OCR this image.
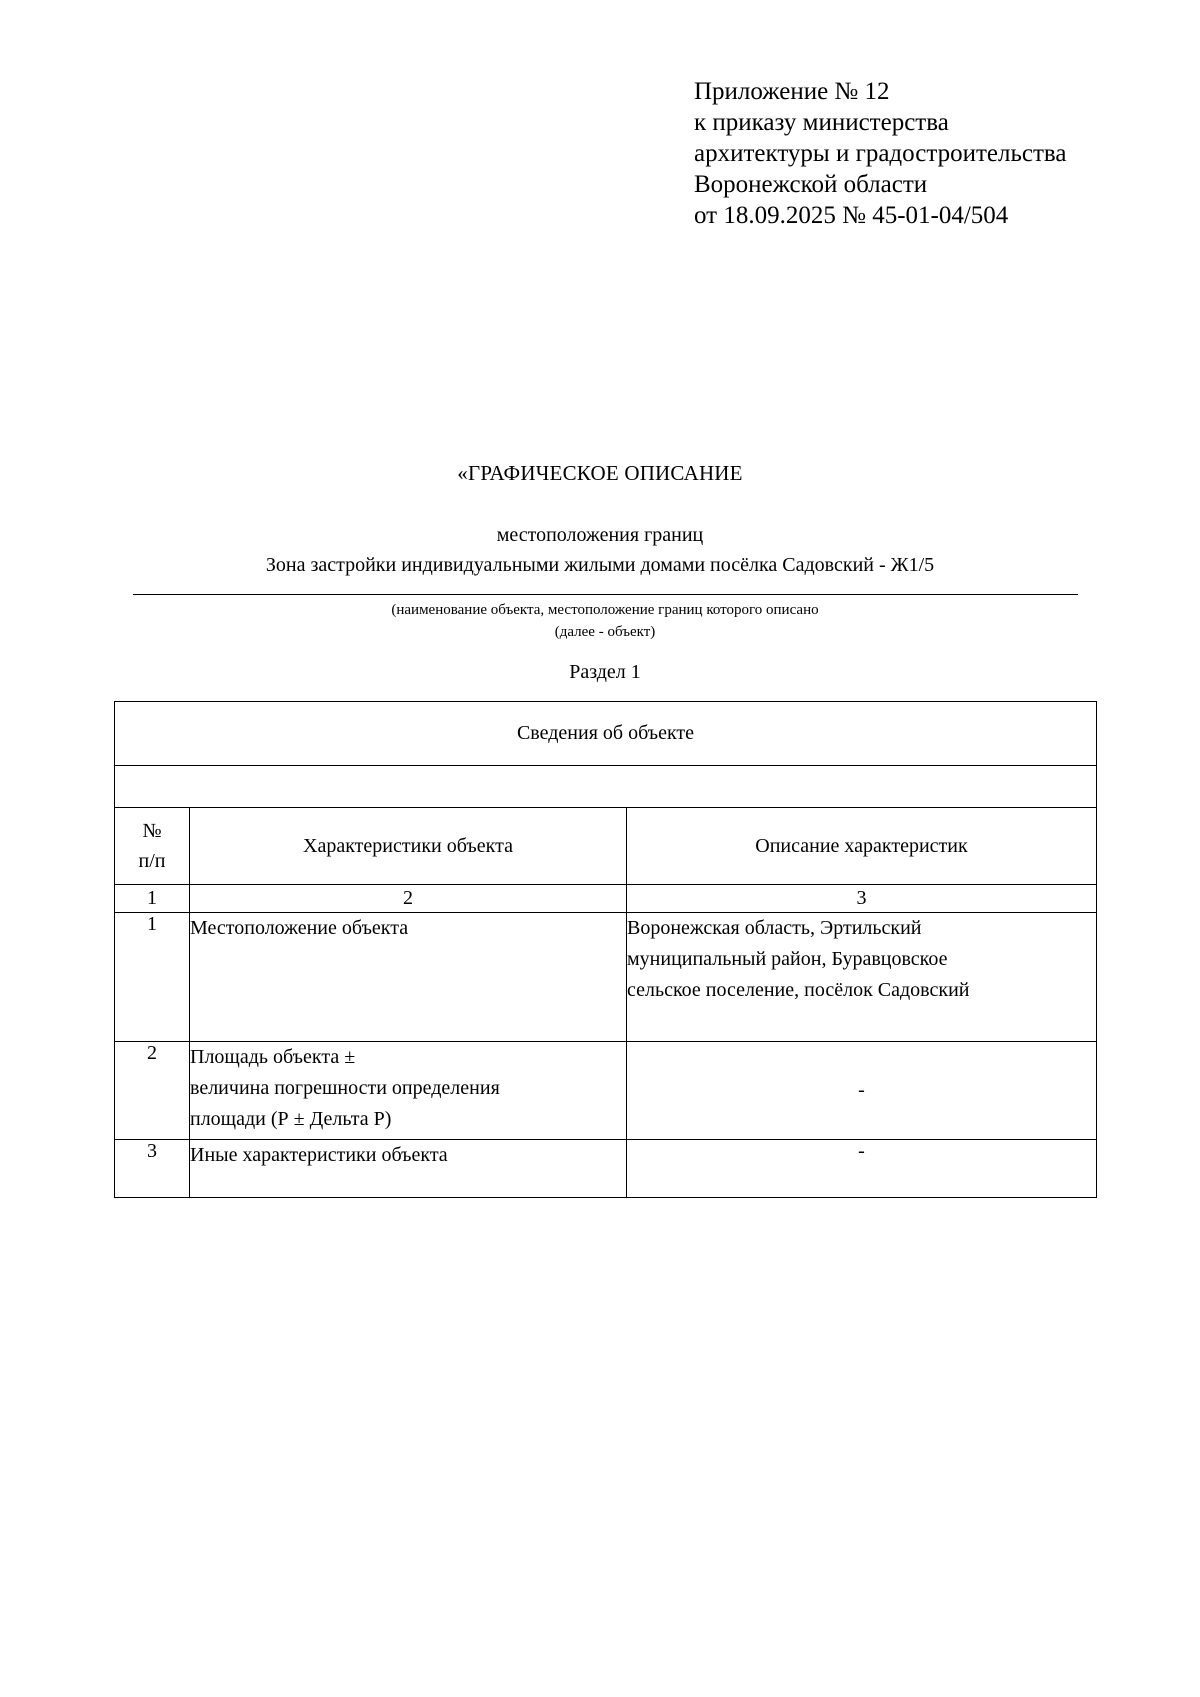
Приложение № 12
к приказу министерства
архитектуры и градостроительства
Воронежской области
от 18.09.2025 № 45-01-04/504
«ГРАФИЧЕСКОЕ ОПИСАНИЕ
местоположения границ
Зона застройки индивидуальными жилыми домами посёлка Садовский - Ж1/5
(наименование объекта, местоположение границ которого описано
(далее - объект)
Раздел 1
Сведения об объекте		

№
п/п	Характеристики объекта	Описание характеристик
1	2	3
1	Местоположение объекта	Воронежская область, Эртильский
муниципальный район, Буравцовское
сельское поселение, посёлок Садовский

2	Площадь объекта ±
величина погрешности определения
площади (Р ± Дельта Р)	-
3	Иные характеристики объекта	-
